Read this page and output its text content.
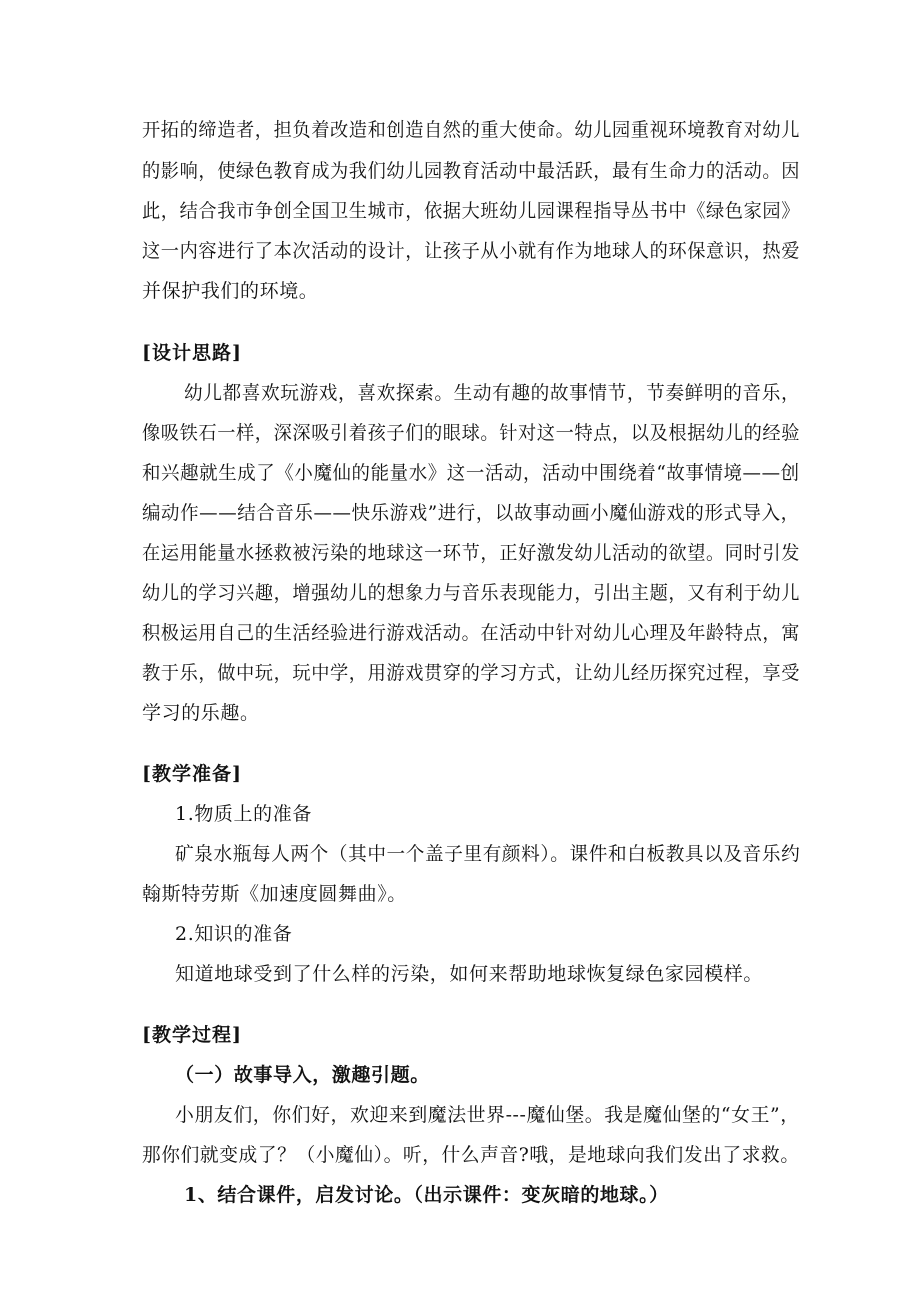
开拓的缔造者，担负着改造和创造自然的重大使命。幼儿园重视环境教育对幼儿
的影响，使绿色教育成为我们幼儿园教育活动中最活跃，最有生命力的活动。因
此，结合我市争创全国卫生城市，依据大班幼儿园课程指导丛书中《绿色家园》
这一内容进行了本次活动的设计，让孩子从小就有作为地球人的环保意识，热爱
并保护我们的环境。
[设计思路]
幼儿都喜欢玩游戏，喜欢探索。生动有趣的故事情节，节奏鲜明的音乐，
像吸铁石一样，深深吸引着孩子们的眼球。针对这一特点，以及根据幼儿的经验
和兴趣就生成了《小魔仙的能量水》这一活动，活动中围绕着“故事情境——创
编动作——结合音乐——快乐游戏”进行，以故事动画小魔仙游戏的形式导入，
在运用能量水拯救被污染的地球这一环节，正好激发幼儿活动的欲望。同时引发
幼儿的学习兴趣，增强幼儿的想象力与音乐表现能力，引出主题，又有利于幼儿
积极运用自己的生活经验进行游戏活动。在活动中针对幼儿心理及年龄特点，寓
教于乐，做中玩，玩中学，用游戏贯穿的学习方式，让幼儿经历探究过程，享受
学习的乐趣。
[教学准备]
1.物质上的准备
矿泉水瓶每人两个（其中一个盖子里有颜料）。课件和白板教具以及音乐约
翰斯特劳斯《加速度圆舞曲》。
2.知识的准备
知道地球受到了什么样的污染，如何来帮助地球恢复绿色家园模样。
[教学过程]
（一）故事导入，激趣引题。
小朋友们，你们好，欢迎来到魔法世界---魔仙堡。我是魔仙堡的“女王”，
那你们就变成了？（小魔仙）。听，什么声音?哦，是地球向我们发出了求救。
1、结合课件，启发讨论。（出示课件：变灰暗的地球。）
